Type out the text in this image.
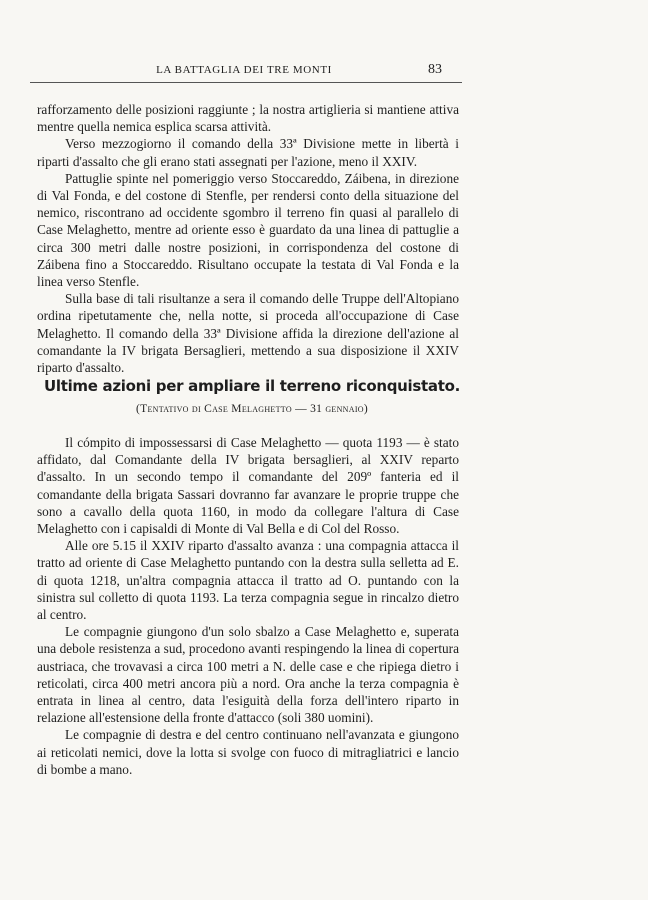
LA BATTAGLIA DEI TRE MONTI	83

rafforzamento delle posizioni raggiunte ; la nostra artiglieria si mantiene attiva mentre quella nemica esplica scarsa attività.

Verso mezzogiorno il comando della 33ª Divisione mette in libertà i riparti d'assalto che gli erano stati assegnati per l'azione, meno il XXIV.

Pattuglie spinte nel pomeriggio verso Stoccareddo, Záibena, in direzione di Val Fonda, e del costone di Stenfle, per rendersi conto della situazione del nemico, riscontrano ad occidente sgombro il terreno fin quasi al parallelo di Case Melaghetto, mentre ad oriente esso è guardato da una linea di pattuglie a circa 300 metri dalle nostre posizioni, in corrispondenza del costone di Záibena fino a Stoccareddo. Risultano occupate la testata di Val Fonda e la linea verso Stenfle.

Sulla base di tali risultanze a sera il comando delle Truppe dell'Altopiano ordina ripetutamente che, nella notte, si proceda all'occupazione di Case Melaghetto. Il comando della 33ª Divisione affida la direzione dell'azione al comandante la IV brigata Bersaglieri, mettendo a sua disposizione il XXIV riparto d'assalto.

Ultime azioni per ampliare il terreno riconquistato.
(Tentativo di Case Melaghetto — 31 gennaio)

Il cómpito di impossessarsi di Case Melaghetto — quota 1193 — è stato affidato, dal Comandante della IV brigata bersaglieri, al XXIV reparto d'assalto. In un secondo tempo il comandante del 209º fanteria ed il comandante della brigata Sassari dovranno far avanzare le proprie truppe che sono a cavallo della quota 1160, in modo da collegare l'altura di Case Melaghetto con i capisaldi di Monte di Val Bella e di Col del Rosso.

Alle ore 5.15 il XXIV riparto d'assalto avanza : una compagnia attacca il tratto ad oriente di Case Melaghetto puntando con la destra sulla selletta ad E. di quota 1218, un'altra compagnia attacca il tratto ad O. puntando con la sinistra sul colletto di quota 1193. La terza compagnia segue in rincalzo dietro al centro.

Le compagnie giungono d'un solo sbalzo a Case Melaghetto e, superata una debole resistenza a sud, procedono avanti respingendo la linea di copertura austriaca, che trovavasi a circa 100 metri a N. delle case e che ripiega dietro i reticolati, circa 400 metri ancora più a nord. Ora anche la terza compagnia è entrata in linea al centro, data l'esiguità della forza dell'intero riparto in relazione all'estensione della fronte d'attacco (soli 380 uomini).

Le compagnie di destra e del centro continuano nell'avanzata e giungono ai reticolati nemici, dove la lotta si svolge con fuoco di mitragliatrici e lancio di bombe a mano.
